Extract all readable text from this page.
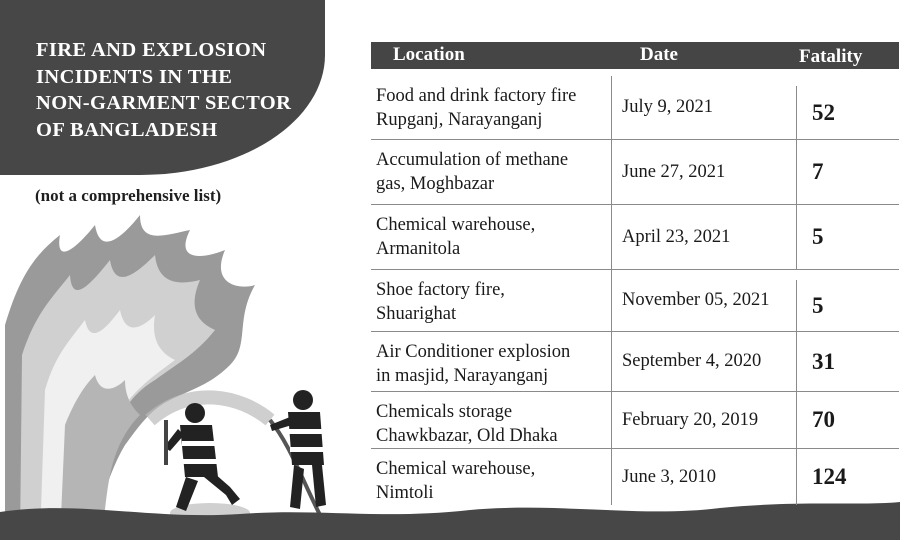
FIRE AND EXPLOSION
INCIDENTS IN THE
NON-GARMENT SECTOR
OF BANGLADESH
(not a comprehensive list)
Location	Date	Fatality
Food and drink factory fire
Rupganj, Narayanganj
July 9, 2021	52
Accumulation of methane
gas, Moghbazar
June 27, 2021	7
Chemical warehouse,
Armanitola
April 23, 2021	5
Shoe factory fire,
Shuarighat
November 05, 2021	5
Air Conditioner explosion
in masjid, Narayanganj
September 4, 2020	31
Chemicals storage
Chawkbazar, Old Dhaka
February 20, 2019	70
Chemical warehouse,
Nimtoli
June 3, 2010	124
